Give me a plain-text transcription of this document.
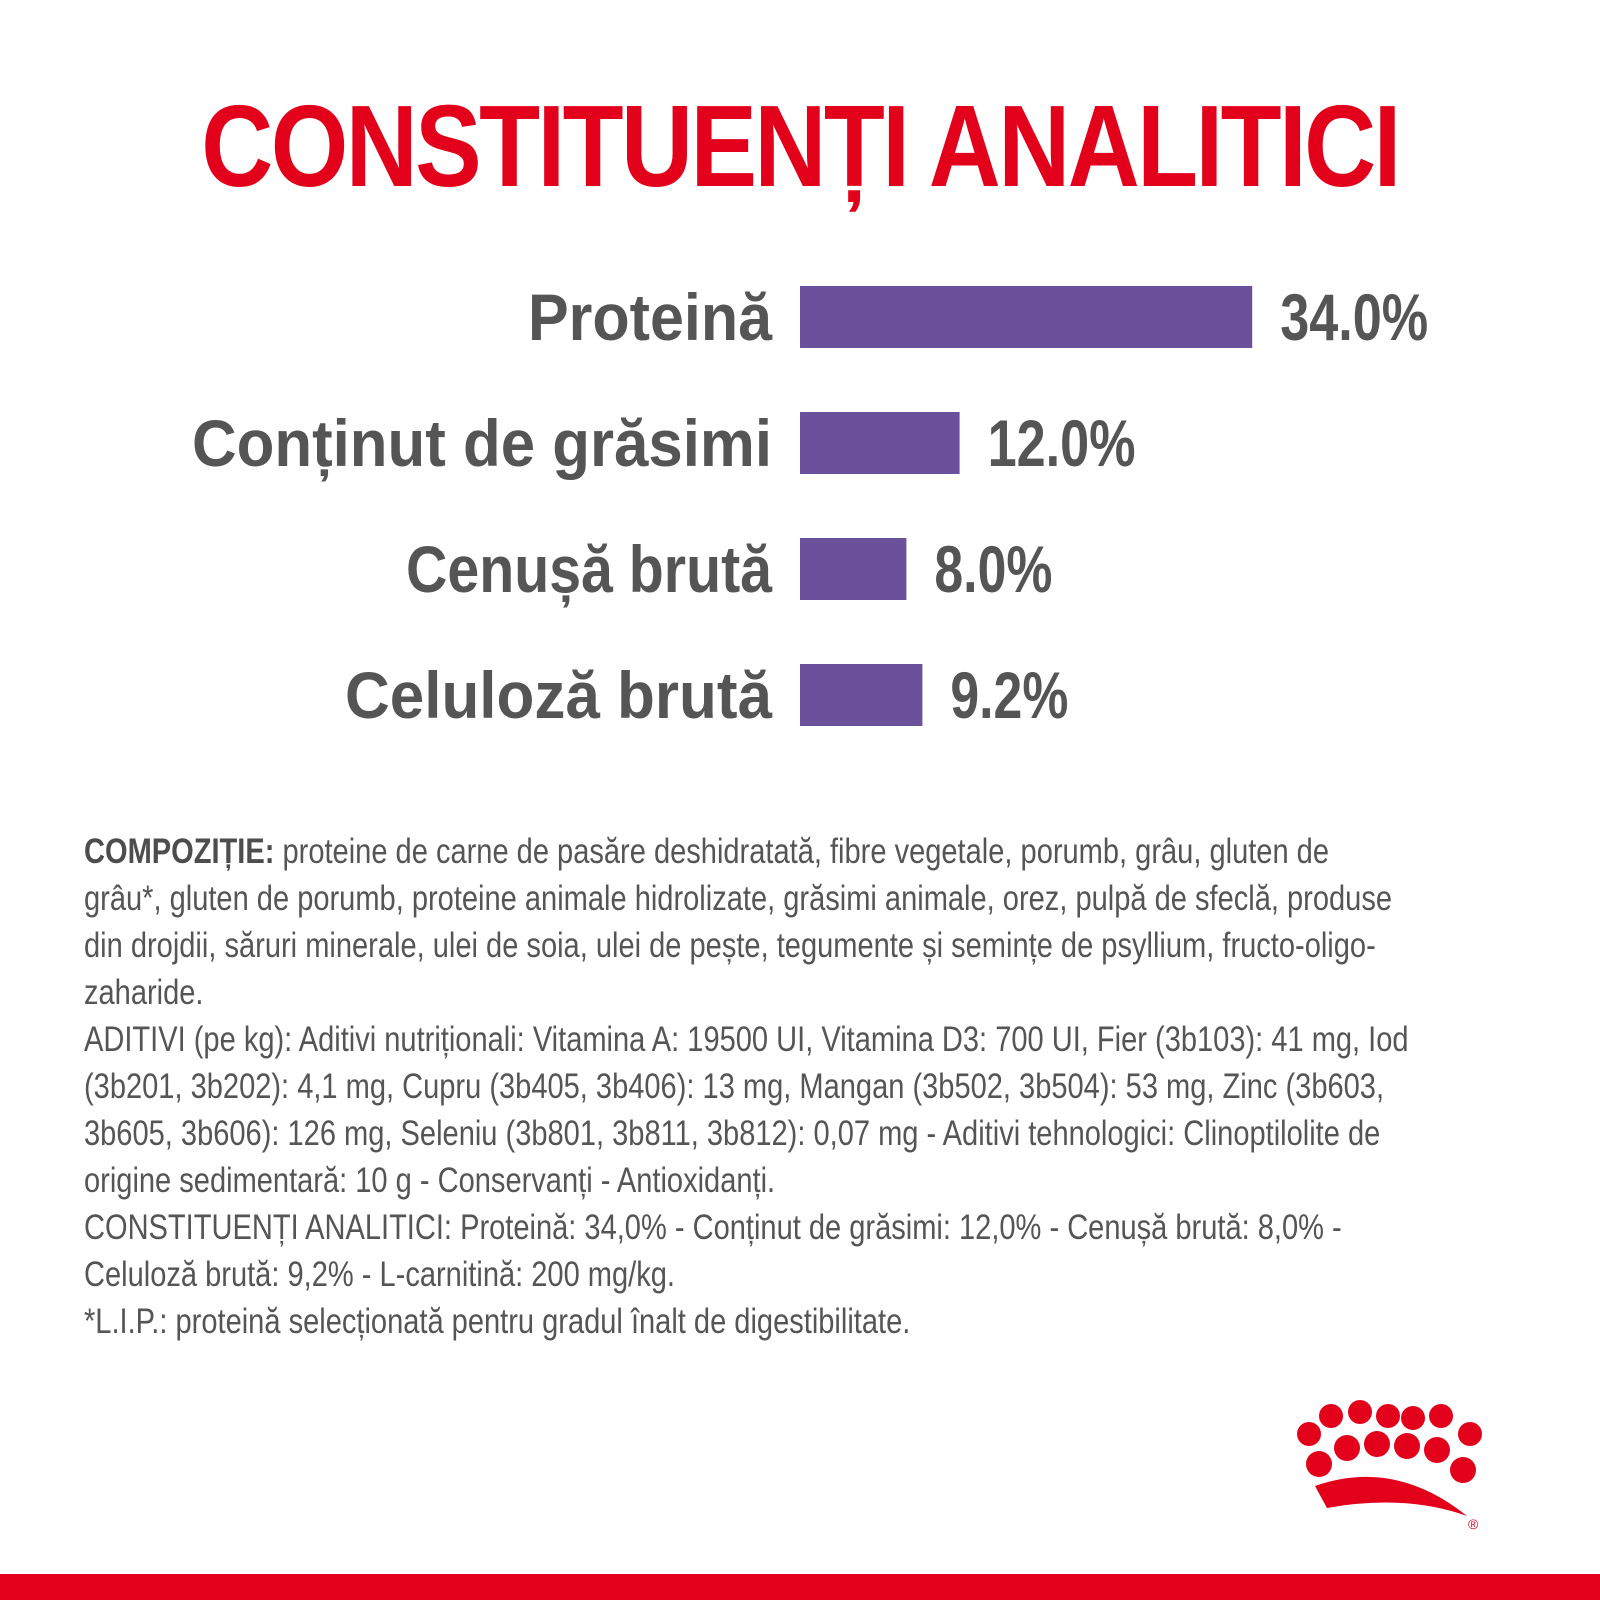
CONSTITUENȚI ANALITICI
Proteină	34.0%
Conținut de grăsimi	12.0%
Cenușă brută 8.0%
Celuloză brută	9.2%

COMPOZIȚIE: proteine de carne de pasăre deshidratată, fibre vegetale, porumb, grâu, gluten de grâu*, gluten de porumb, proteine animale hidrolizate, grăsimi animale, orez, pulpă de sfeclă, produse din drojdii, săruri minerale, ulei de soia, ulei de pește, tegumente și semințe de psyllium, fructo-oligo-zaharide.

ADITIVI (pe kg): Aditivi nutriționali: Vitamina A: 19500 UI, Vitamina D3: 700 UI, Fier (3b103): 41 mg, Iod (3b201, 3b202): 4,1 mg, Cupru (3b405, 3b406): 13 mg, Mangan (3b502, 3b504): 53 mg, Zinc (3b603, 3b605, 3b606): 126 mg, Seleniu (3b801, 3b811, 3b812): 0,07 mg - Aditivi tehnologici: Clinoptilolite de origine sedimentară: 10 g - Conservanți - Antioxidanți.

CONSTITUENȚI ANALITICI: Proteină: 34,0% - Conținut de grăsimi: 12,0% - Cenușă brută: 8,0% - Celuloză brută: 9,2% - L-carnitină: 200 mg/kg.

*L.I.P.: proteină selecționată pentru gradul înalt de digestibilitate.

®
